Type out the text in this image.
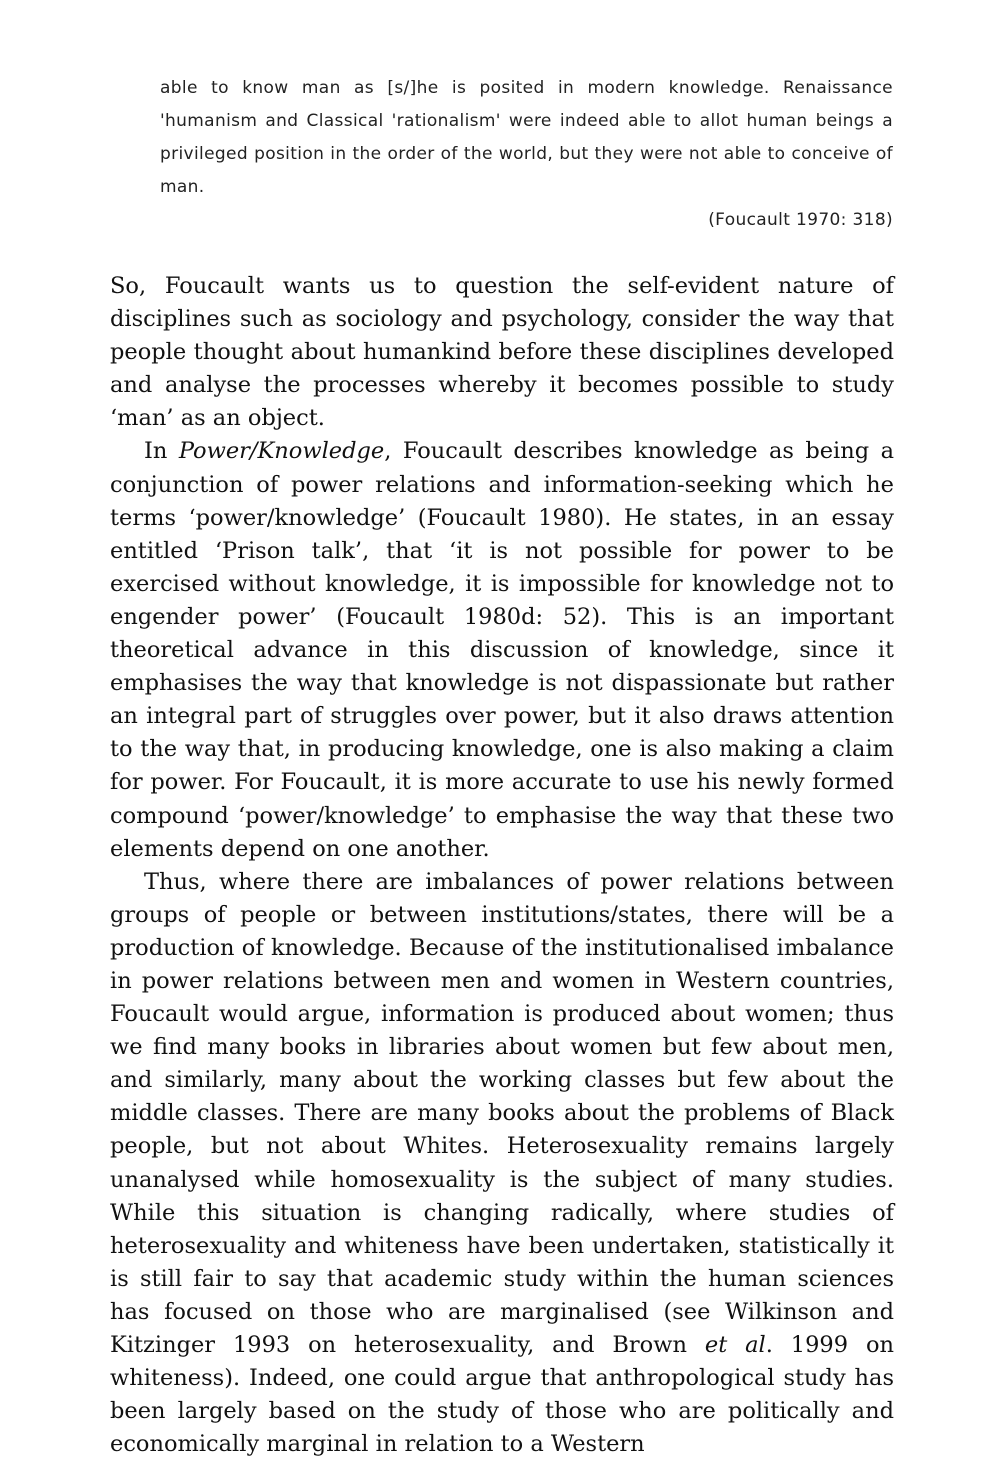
able to know man as [s/]he is posited in modern knowledge. Renaissance 'humanism and Classical 'rationalism' were indeed able to allot human beings a privileged position in the order of the world, but they were not able to conceive of man.

(Foucault 1970: 318)

So, Foucault wants us to question the self-evident nature of disciplines such as sociology and psychology, consider the way that people thought about humankind before these disciplines developed and analyse the processes whereby it becomes possible to study ‘man’ as an object.

In Power/Knowledge, Foucault describes knowledge as being a conjunction of power relations and information-seeking which he terms ‘power/knowledge’ (Foucault 1980). He states, in an essay entitled ‘Prison talk’, that ‘it is not possible for power to be exercised without knowledge, it is impossible for knowledge not to engender power’ (Foucault 1980d: 52). This is an important theoretical advance in this discussion of knowledge, since it emphasises the way that knowledge is not dispassionate but rather an integral part of struggles over power, but it also draws attention to the way that, in producing knowledge, one is also making a claim for power. For Foucault, it is more accurate to use his newly formed compound ‘power/knowledge’ to emphasise the way that these two elements depend on one another.

Thus, where there are imbalances of power relations between groups of people or between institutions/states, there will be a production of knowledge. Because of the institutionalised imbalance in power relations between men and women in Western countries, Foucault would argue, information is produced about women; thus we find many books in libraries about women but few about men, and similarly, many about the working classes but few about the middle classes. There are many books about the problems of Black people, but not about Whites. Heterosexuality remains largely unanalysed while homosexuality is the subject of many studies. While this situation is changing radically, where studies of heterosexuality and whiteness have been undertaken, statistically it is still fair to say that academic study within the human sciences has focused on those who are marginalised (see Wilkinson and Kitzinger 1993 on heterosexuality, and Brown et al. 1999 on whiteness). Indeed, one could argue that anthropological study has been largely based on the study of those who are politically and economically marginal in relation to a Western
